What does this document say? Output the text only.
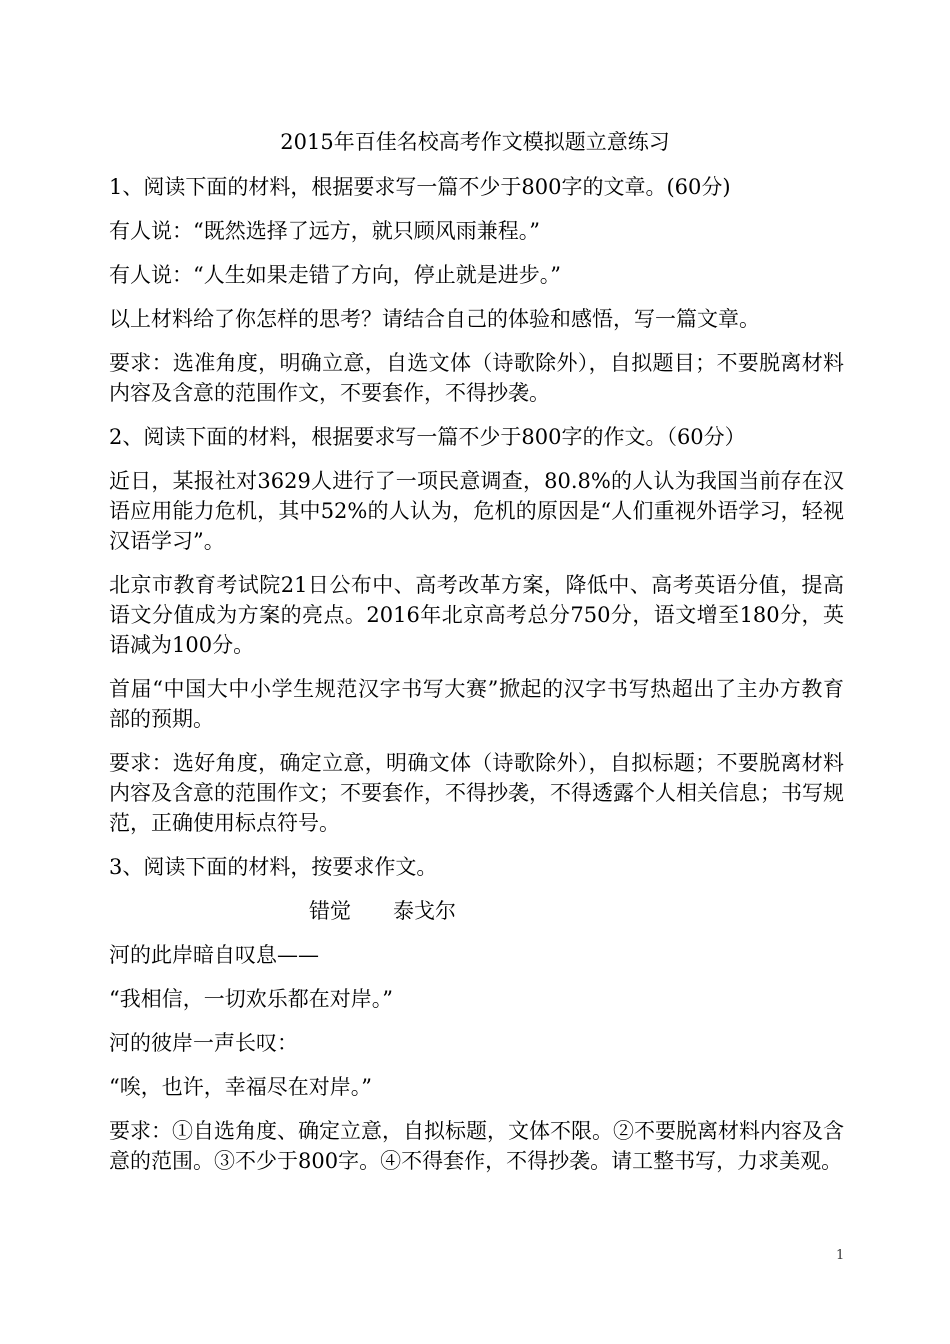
2015年百佳名校高考作文模拟题立意练习

1、阅读下面的材料，根据要求写一篇不少于800字的文章。(60分)

有人说：“既然选择了远方，就只顾风雨兼程。”

有人说：“人生如果走错了方向，停止就是进步。”

以上材料给了你怎样的思考？请结合自己的体验和感悟，写一篇文章。

要求：选准角度，明确立意，自选文体（诗歌除外），自拟题目；不要脱离材料内容及含意的范围作文，不要套作，不得抄袭。

2、阅读下面的材料，根据要求写一篇不少于800字的作文。（60分）

近日，某报社对3629人进行了一项民意调查，80.8%的人认为我国当前存在汉语应用能力危机，其中52%的人认为，危机的原因是“人们重视外语学习，轻视汉语学习”。

北京市教育考试院21日公布中、高考改革方案，降低中、高考英语分值，提高语文分值成为方案的亮点。2016年北京高考总分750分，语文增至180分，英语减为100分。

首届“中国大中小学生规范汉字书写大赛”掀起的汉字书写热超出了主办方教育部的预期。

要求：选好角度，确定立意，明确文体（诗歌除外），自拟标题；不要脱离材料内容及含意的范围作文；不要套作，不得抄袭，不得透露个人相关信息；书写规范，正确使用标点符号。

3、阅读下面的材料，按要求作文。

错觉　　泰戈尔

河的此岸暗自叹息——

“我相信，一切欢乐都在对岸。”

河的彼岸一声长叹：

“唉，也许，幸福尽在对岸。”

要求：①自选角度、确定立意，自拟标题，文体不限。②不要脱离材料内容及含意的范围。③不少于800字。④不得套作，不得抄袭。请工整书写，力求美观。

1
